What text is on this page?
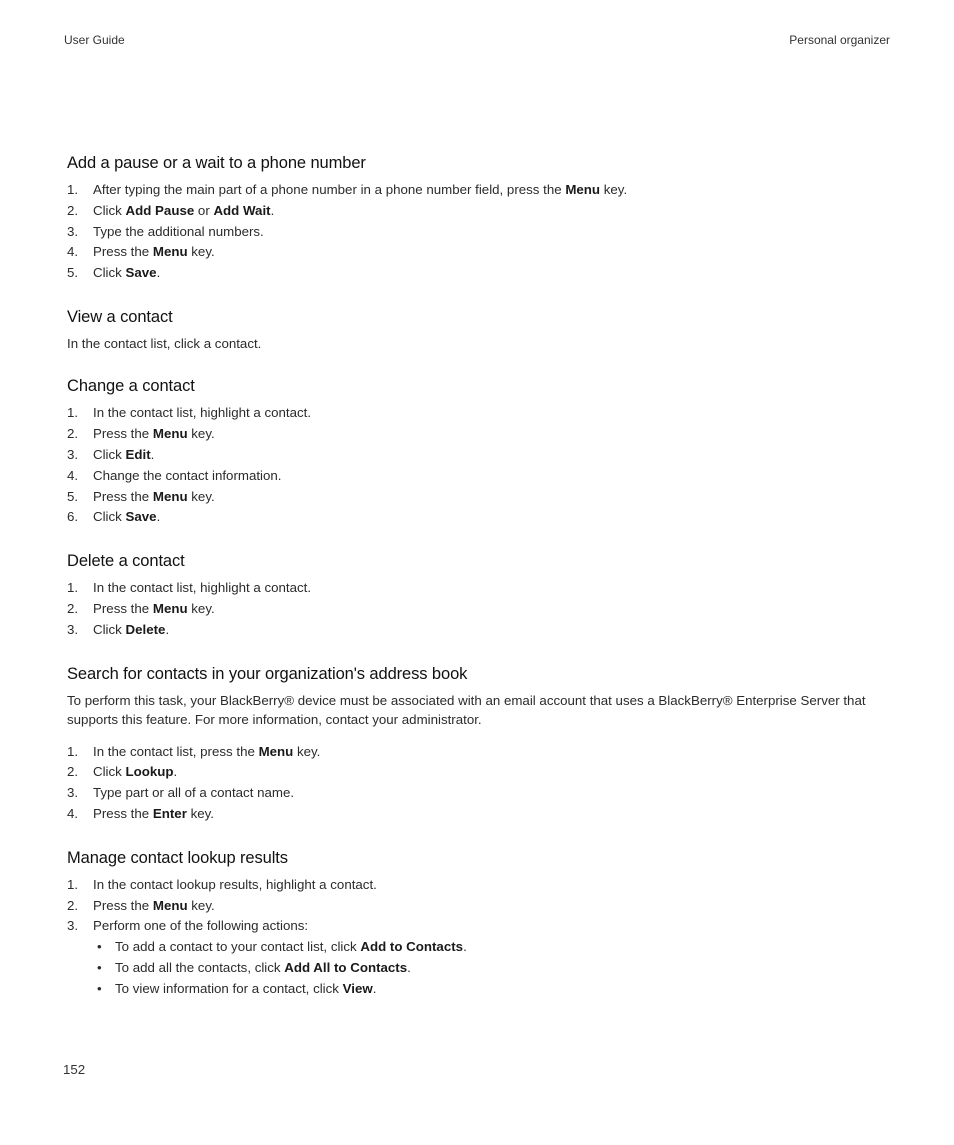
User Guide	Personal organizer
Add a pause or a wait to a phone number
1. After typing the main part of a phone number in a phone number field, press the Menu key.
2. Click Add Pause or Add Wait.
3. Type the additional numbers.
4. Press the Menu key.
5. Click Save.
View a contact

In the contact list, click a contact.

Change a contact
1. In the contact list, highlight a contact.
2. Press the Menu key.
3. Click Edit.
4. Change the contact information.
5. Press the Menu key.
6. Click Save.
Delete a contact
1. In the contact list, highlight a contact.
2. Press the Menu key.
3. Click Delete.
Search for contacts in your organization's address book

To perform this task, your BlackBerry® device must be associated with an email account that uses a BlackBerry® Enterprise Server that supports this feature. For more information, contact your administrator.

1. In the contact list, press the Menu key.
2. Click Lookup.
3. Type part or all of a contact name.
4. Press the Enter key.
Manage contact lookup results
1. In the contact lookup results, highlight a contact.
2. Press the Menu key.
3. Perform one of the following actions:
• To add a contact to your contact list, click Add to Contacts.
• To add all the contacts, click Add All to Contacts.
• To view information for a contact, click View.
152
